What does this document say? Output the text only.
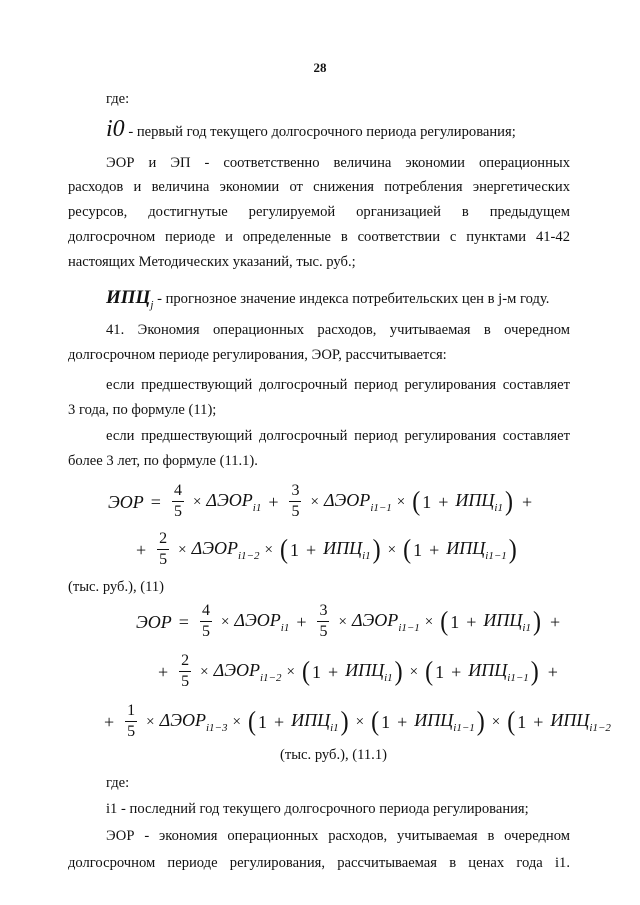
28
где:
i0 - первый год текущего долгосрочного периода регулирования;
ЭОР и ЭП - соответственно величина экономии операционных
расходов и величина экономии от снижения потребления энергетических
ресурсов, достигнутые регулируемой организацией в предыдущем
долгосрочном периоде и определенные в соответствии с пунктами 41-42
настоящих Методических указаний, тыс. руб.;
$ИПЦ_j$ - прогнозное значение индекса потребительских цен в j-м году.
41. Экономия операционных расходов, учитываемая в очередном
долгосрочном периоде регулирования, ЭОР, рассчитывается:
если предшествующий долгосрочный период регулирования составляет
3 года, по формуле (11);
если предшествующий долгосрочный период регулирования составляет
более 3 лет, по формуле (11.1).
ЭОР = $\frac{4}{5} \times \Delta ЭОР_{i1} + \frac{3}{5} \times \Delta ЭОР_{i1-1}$ × ( $1 + ИПЦ_{i1}$ ) +
+ $\frac{2}{5} \times \Delta ЭОР_{i1-2}$ × ( $1 + ИПЦ_{i1}$ ) × ( $1 + ИПЦ_{i1-1}$ )
(тыс. руб.), (11)
ЭОР = $\frac{4}{5} \times \Delta ЭОР_{i1} + \frac{3}{5} \times \Delta ЭОР_{i1-1}$ × ( $1 + ИПЦ_{i1}$ ) +
+ $\frac{2}{5} \times \Delta ЭОР_{i1-2}$ × ( $1 + ИПЦ_{i1}$ ) × ( $1 + ИПЦ_{i1-1}$ ) +
+ $\frac{1}{5} \times \Delta ЭОР_{i1-3}$ × ( $1 + ИПЦ_{i1}$ ) × ( $1 + ИПЦ_{i1-1}$ ) × ( $1 + ИПЦ_{i1-2}$
(тыс. руб.), (11.1)
где:
i1 - последний год текущего долгосрочного периода регулирования;
ЭОР - экономия операционных расходов, учитываемая в очередном
долгосрочном периоде регулирования, рассчитываемая в ценах года i1.
